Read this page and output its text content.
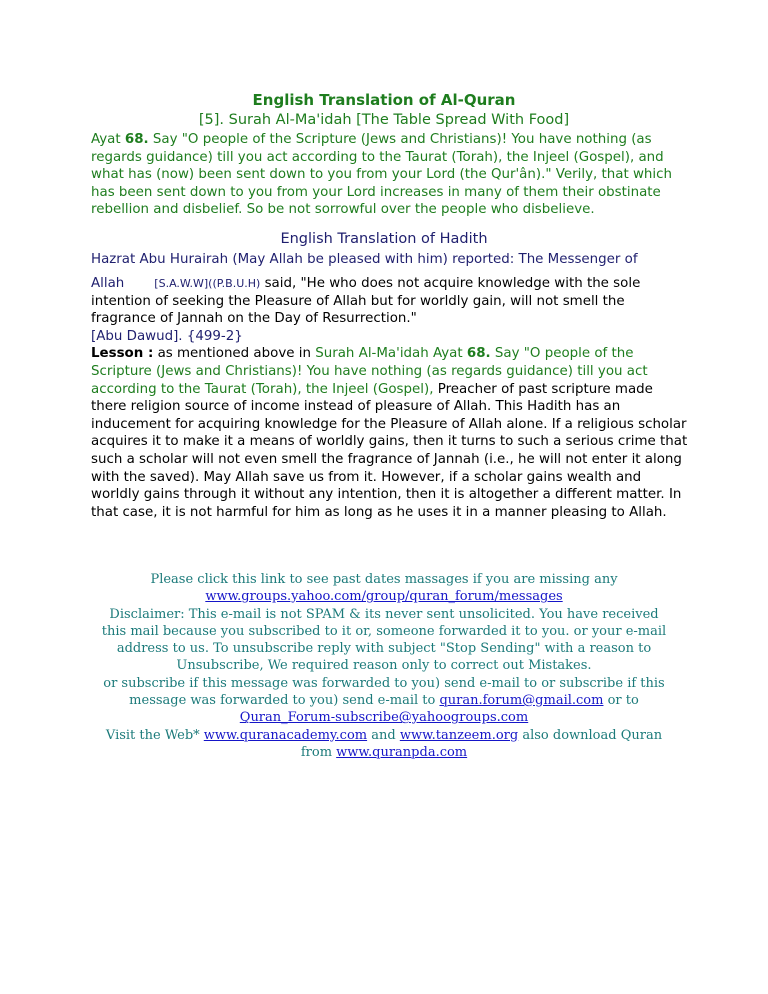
English Translation of Al-Quran
[5]. Surah Al-Ma'idah [The Table Spread With Food]
Ayat 68. Say "O people of the Scripture (Jews and Christians)! You have nothing (as regards guidance) till you act according to the Taurat (Torah), the Injeel (Gospel), and what has (now) been sent down to you from your Lord (the Qur'ân)." Verily, that which has been sent down to you from your Lord increases in many of them their obstinate rebellion and disbelief. So be not sorrowful over the people who disbelieve.
English Translation of Hadith
Hazrat Abu Hurairah (May Allah be pleased with him) reported: The Messenger of
Allah	[S.A.W.W]((P.B.U.H) said, "He who does not acquire knowledge with the sole intention of seeking the Pleasure of Allah but for worldly gain, will not smell the fragrance of Jannah on the Day of Resurrection."
[Abu Dawud]. {499-2}
Lesson : as mentioned above in Surah Al-Ma'idah Ayat 68. Say "O people of the Scripture (Jews and Christians)! You have nothing (as regards guidance) till you act according to the Taurat (Torah), the Injeel (Gospel), Preacher of past scripture made there religion source of income instead of pleasure of Allah. This Hadith has an inducement for acquiring knowledge for the Pleasure of Allah alone. If a religious scholar acquires it to make it a means of worldly gains, then it turns to such a serious crime that such a scholar will not even smell the fragrance of Jannah (i.e., he will not enter it along with the saved). May Allah save us from it. However, if a scholar gains wealth and worldly gains through it without any intention, then it is altogether a different matter. In that case, it is not harmful for him as long as he uses it in a manner pleasing to Allah.
Please click this link to see past dates massages if you are missing any
www.groups.yahoo.com/group/quran_forum/messages
Disclaimer: This e-mail is not SPAM & its never sent unsolicited. You have received this mail because you subscribed to it or, someone forwarded it to you. or your e-mail address to us. To unsubscribe reply with subject "Stop Sending" with a reason to Unsubscribe, We required reason only to correct out Mistakes.
or subscribe if this message was forwarded to you) send e-mail to or subscribe if this message was forwarded to you) send e-mail to quran.forum@gmail.com or to Quran_Forum-subscribe@yahoogroups.com
Visit the Web* www.quranacademy.com and www.tanzeem.org also download Quran from www.quranpda.com
